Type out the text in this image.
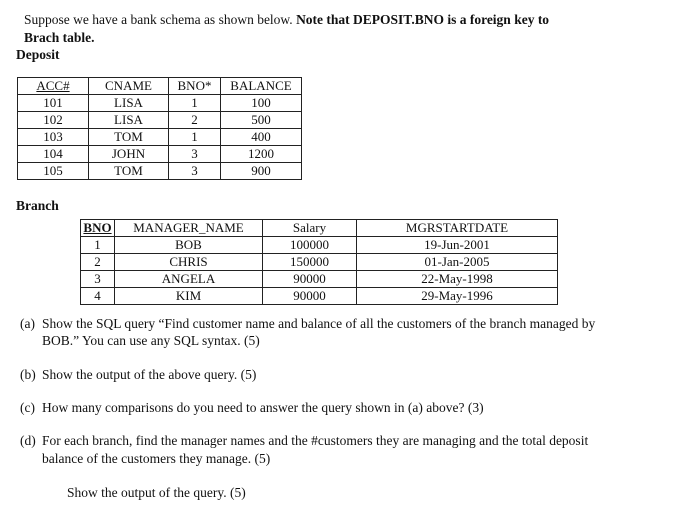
Suppose we have a bank schema as shown below. Note that DEPOSIT.BNO is a foreign key to
Brach table.
Deposit
ACC#	CNAME	BNO*	BALANCE
101	LISA	1	100
102	LISA	2	500
103	TOM	1	400
104	JOHN	3	1200
105	TOM	3	900
Branch
BNO	MANAGER_NAME	Salary	MGRSTARTDATE
1	BOB	100000	19-Jun-2001
2	CHRIS	150000	01-Jan-2005
3	ANGELA	90000	22-May-1998
4	KIM	90000	29-May-1996
(a) Show the SQL query “Find customer name and balance of all the customers of the branch managed by
BOB.” You can use any SQL syntax. (5)
(b) Show the output of the above query. (5)
(c) How many comparisons do you need to answer the query shown in (a) above? (3)
(d) For each branch, find the manager names and the #customers they are managing and the total deposit
balance of the customers they manage. (5)
Show the output of the query. (5)
